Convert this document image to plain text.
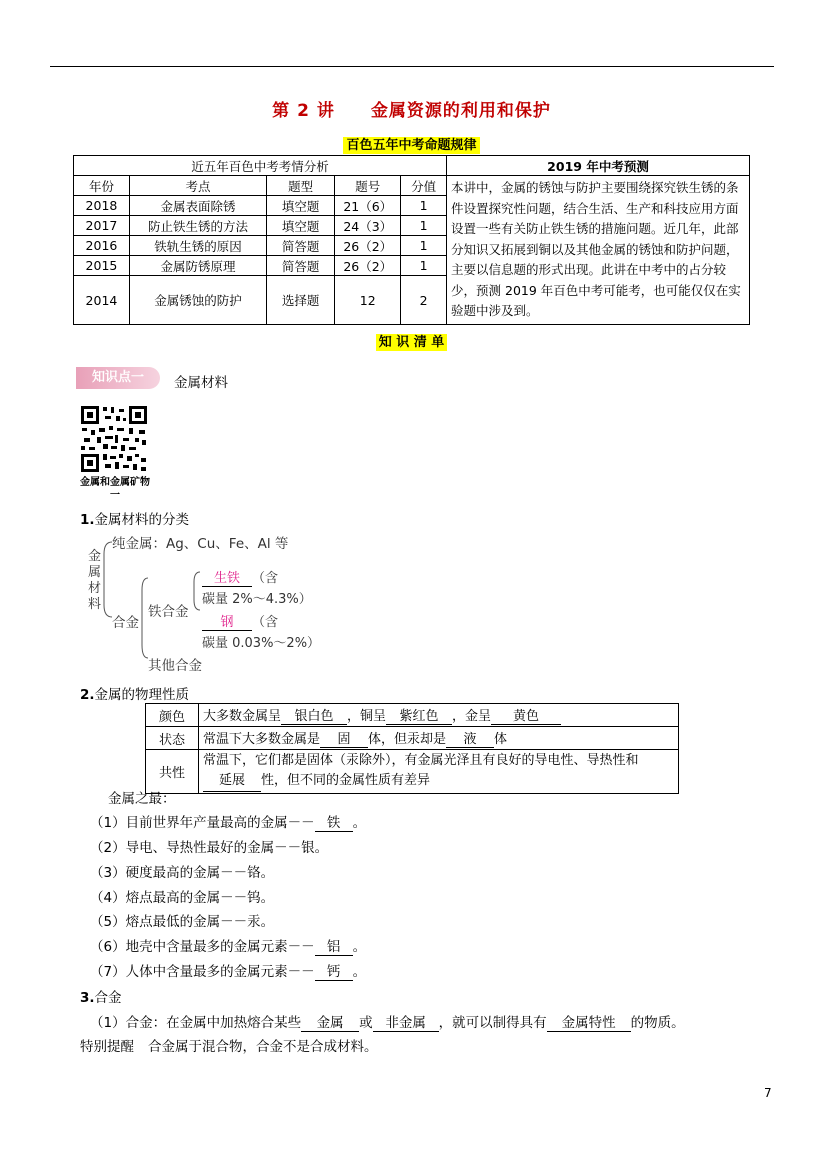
第 2 讲　　金属资源的利用和保护
百色五年中考命题规律
近五年百色中考考情分析					2019 年中考预测
年份	考点	题型	题号	分值	本讲中，金属的锈蚀与防护主要围绕探究铁生锈的条件设置探究性问题，结合生活、生产和科技应用方面设置一些有关防止铁生锈的措施问题。近几年，此部分知识又拓展到铜以及其他金属的锈蚀和防护问题，主要以信息题的形式出现。此讲在中考中的占分较少，预测 2019 年百色中考可能考，也可能仅仅在实验题中涉及到。
2018	金属表面除锈	填空题	21（6）	1	
2017	防止铁生锈的方法	填空题	24（3）	1	
2016	铁轨生锈的原因	简答题	26（2）	1	
2015	金属防锈原理	简答题	26（2）	1	
2014	金属锈蚀的防护	选择题	12	2	
知 识 清 单
知识点一	金属材料
金属和金属矿物一
1.金属材料的分类
金
属
材
料
纯金属：Ag、Cu、Fe、Al 等
合金
铁合金
生铁 （含
碳量 2%～4.3%）
钢 （含
碳量 0.03%～2%）
其他合金
2.金属的物理性质
颜色	大多数金属呈 银白色 ，铜呈 紫红色 ，金呈 黄色
状态	常温下大多数金属是 固 体，但汞却是 液 体
共性	常温下，它们都是固体（汞除外），有金属光泽且有良好的导电性、导热性和延展 性，但不同的金属性质有差异
金属之最：
（1）目前世界年产量最高的金属－－ 铁 。
（2）导电、导热性最好的金属－－银。
（3）硬度最高的金属－－铬。
（4）熔点最高的金属－－钨。
（5）熔点最低的金属－－汞。
（6）地壳中含量最多的金属元素－－ 铝 。
（7）人体中含量最多的金属元素－－ 钙 。
3.合金
（1）合金：在金属中加热熔合某些 金属 或 非金属 ，就可以制得具有 金属特性 的物质。
特别提醒 合金属于混合物，合金不是合成材料。
7
